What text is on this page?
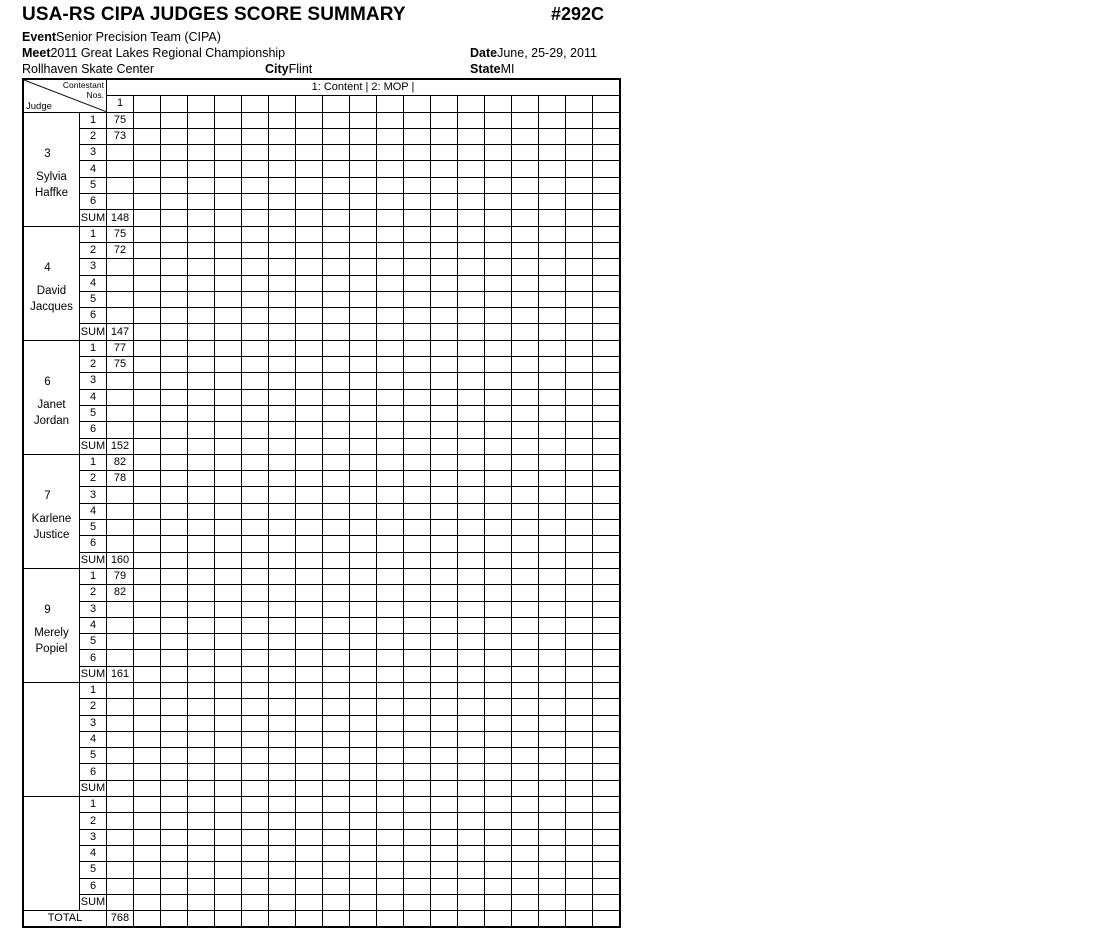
USA-RS CIPA JUDGES SCORE SUMMARY	#292C
Event Senior Precision Team (CIPA)
Meet 2011 Great Lakes Regional Championship	Date June, 25-29, 2011
Rollhaven Skate Center	City Flint	State MI
Contestant
Nos.
Judge		1: Content | 2: MOP |																		
		1																		

3
Sylvia
Haffke	1	75																		
	2	73																		
	3																			
	4																			
	5																			
	6																			
	SUM	148																		

4
David
Jacques	1	75																		
	2	72																		
	3																			
	4																			
	5																			
	6																			
	SUM	147																		

6
Janet
Jordan	1	77																		
	2	75																		
	3																			
	4																			
	5																			
	6																			
	SUM	152																		

7
Karlene
Justice	1	82																		
	2	78																		
	3																			
	4																			
	5																			
	6																			
	SUM	160																		

9
Merely
Popiel	1	79																		
	2	82																		
	3																			
	4																			
	5																			
	6																			
	SUM	161																		

	1																			
	2																			
	3																			
	4																			
	5																			
	6																			
	SUM																			

	1																			
	2																			
	3																			
	4																			
	5																			
	6																			
	SUM																			
TOTAL		768																		
